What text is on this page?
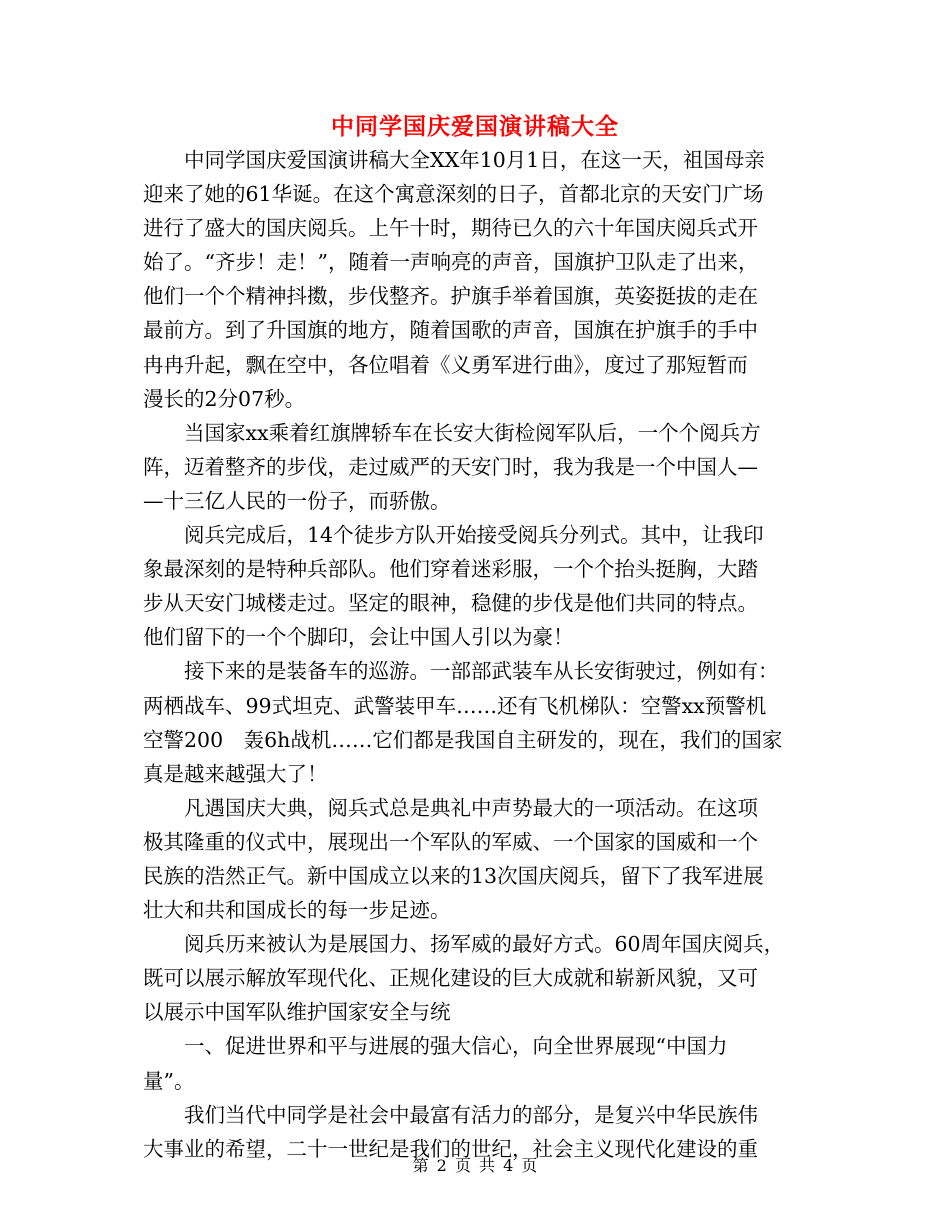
中同学国庆爱国演讲稿大全
　　中同学国庆爱国演讲稿大全XX年10月1日，在这一天，祖国母亲
迎来了她的61华诞。在这个寓意深刻的日子，首都北京的天安门广场
进行了盛大的国庆阅兵。上午十时，期待已久的六十年国庆阅兵式开
始了。“齐步！走！”，随着一声响亮的声音，国旗护卫队走了出来，
他们一个个精神抖擞，步伐整齐。护旗手举着国旗，英姿挺拔的走在
最前方。到了升国旗的地方，随着国歌的声音，国旗在护旗手的手中
冉冉升起，飘在空中，各位唱着《义勇军进行曲》，度过了那短暂而
漫长的2分07秒。
　　当国家xx乘着红旗牌轿车在长安大街检阅军队后，一个个阅兵方
阵，迈着整齐的步伐，走过威严的天安门时，我为我是一个中国人—
—十三亿人民的一份子，而骄傲。
　　阅兵完成后，14个徒步方队开始接受阅兵分列式。其中，让我印
象最深刻的是特种兵部队。他们穿着迷彩服，一个个抬头挺胸，大踏
步从天安门城楼走过。坚定的眼神，稳健的步伐是他们共同的特点。
他们留下的一个个脚印，会让中国人引以为豪！
　　接下来的是装备车的巡游。一部部武装车从长安街驶过，例如有：
两栖战车、99式坦克、武警装甲车……还有飞机梯队：空警xx预警机
空警200　轰6h战机……它们都是我国自主研发的，现在，我们的国家
真是越来越强大了！
　　凡遇国庆大典，阅兵式总是典礼中声势最大的一项活动。在这项
极其隆重的仪式中，展现出一个军队的军威、一个国家的国威和一个
民族的浩然正气。新中国成立以来的13次国庆阅兵，留下了我军进展
壮大和共和国成长的每一步足迹。
　　阅兵历来被认为是展国力、扬军威的最好方式。60周年国庆阅兵，
既可以展示解放军现代化、正规化建设的巨大成就和崭新风貌，又可
以展示中国军队维护国家安全与统
　　一、促进世界和平与进展的强大信心，向全世界展现“中国力
量”。
　　我们当代中同学是社会中最富有活力的部分，是复兴中华民族伟
大事业的希望，二十一世纪是我们的世纪，社会主义现代化建设的重
第 2 页 共 4 页
